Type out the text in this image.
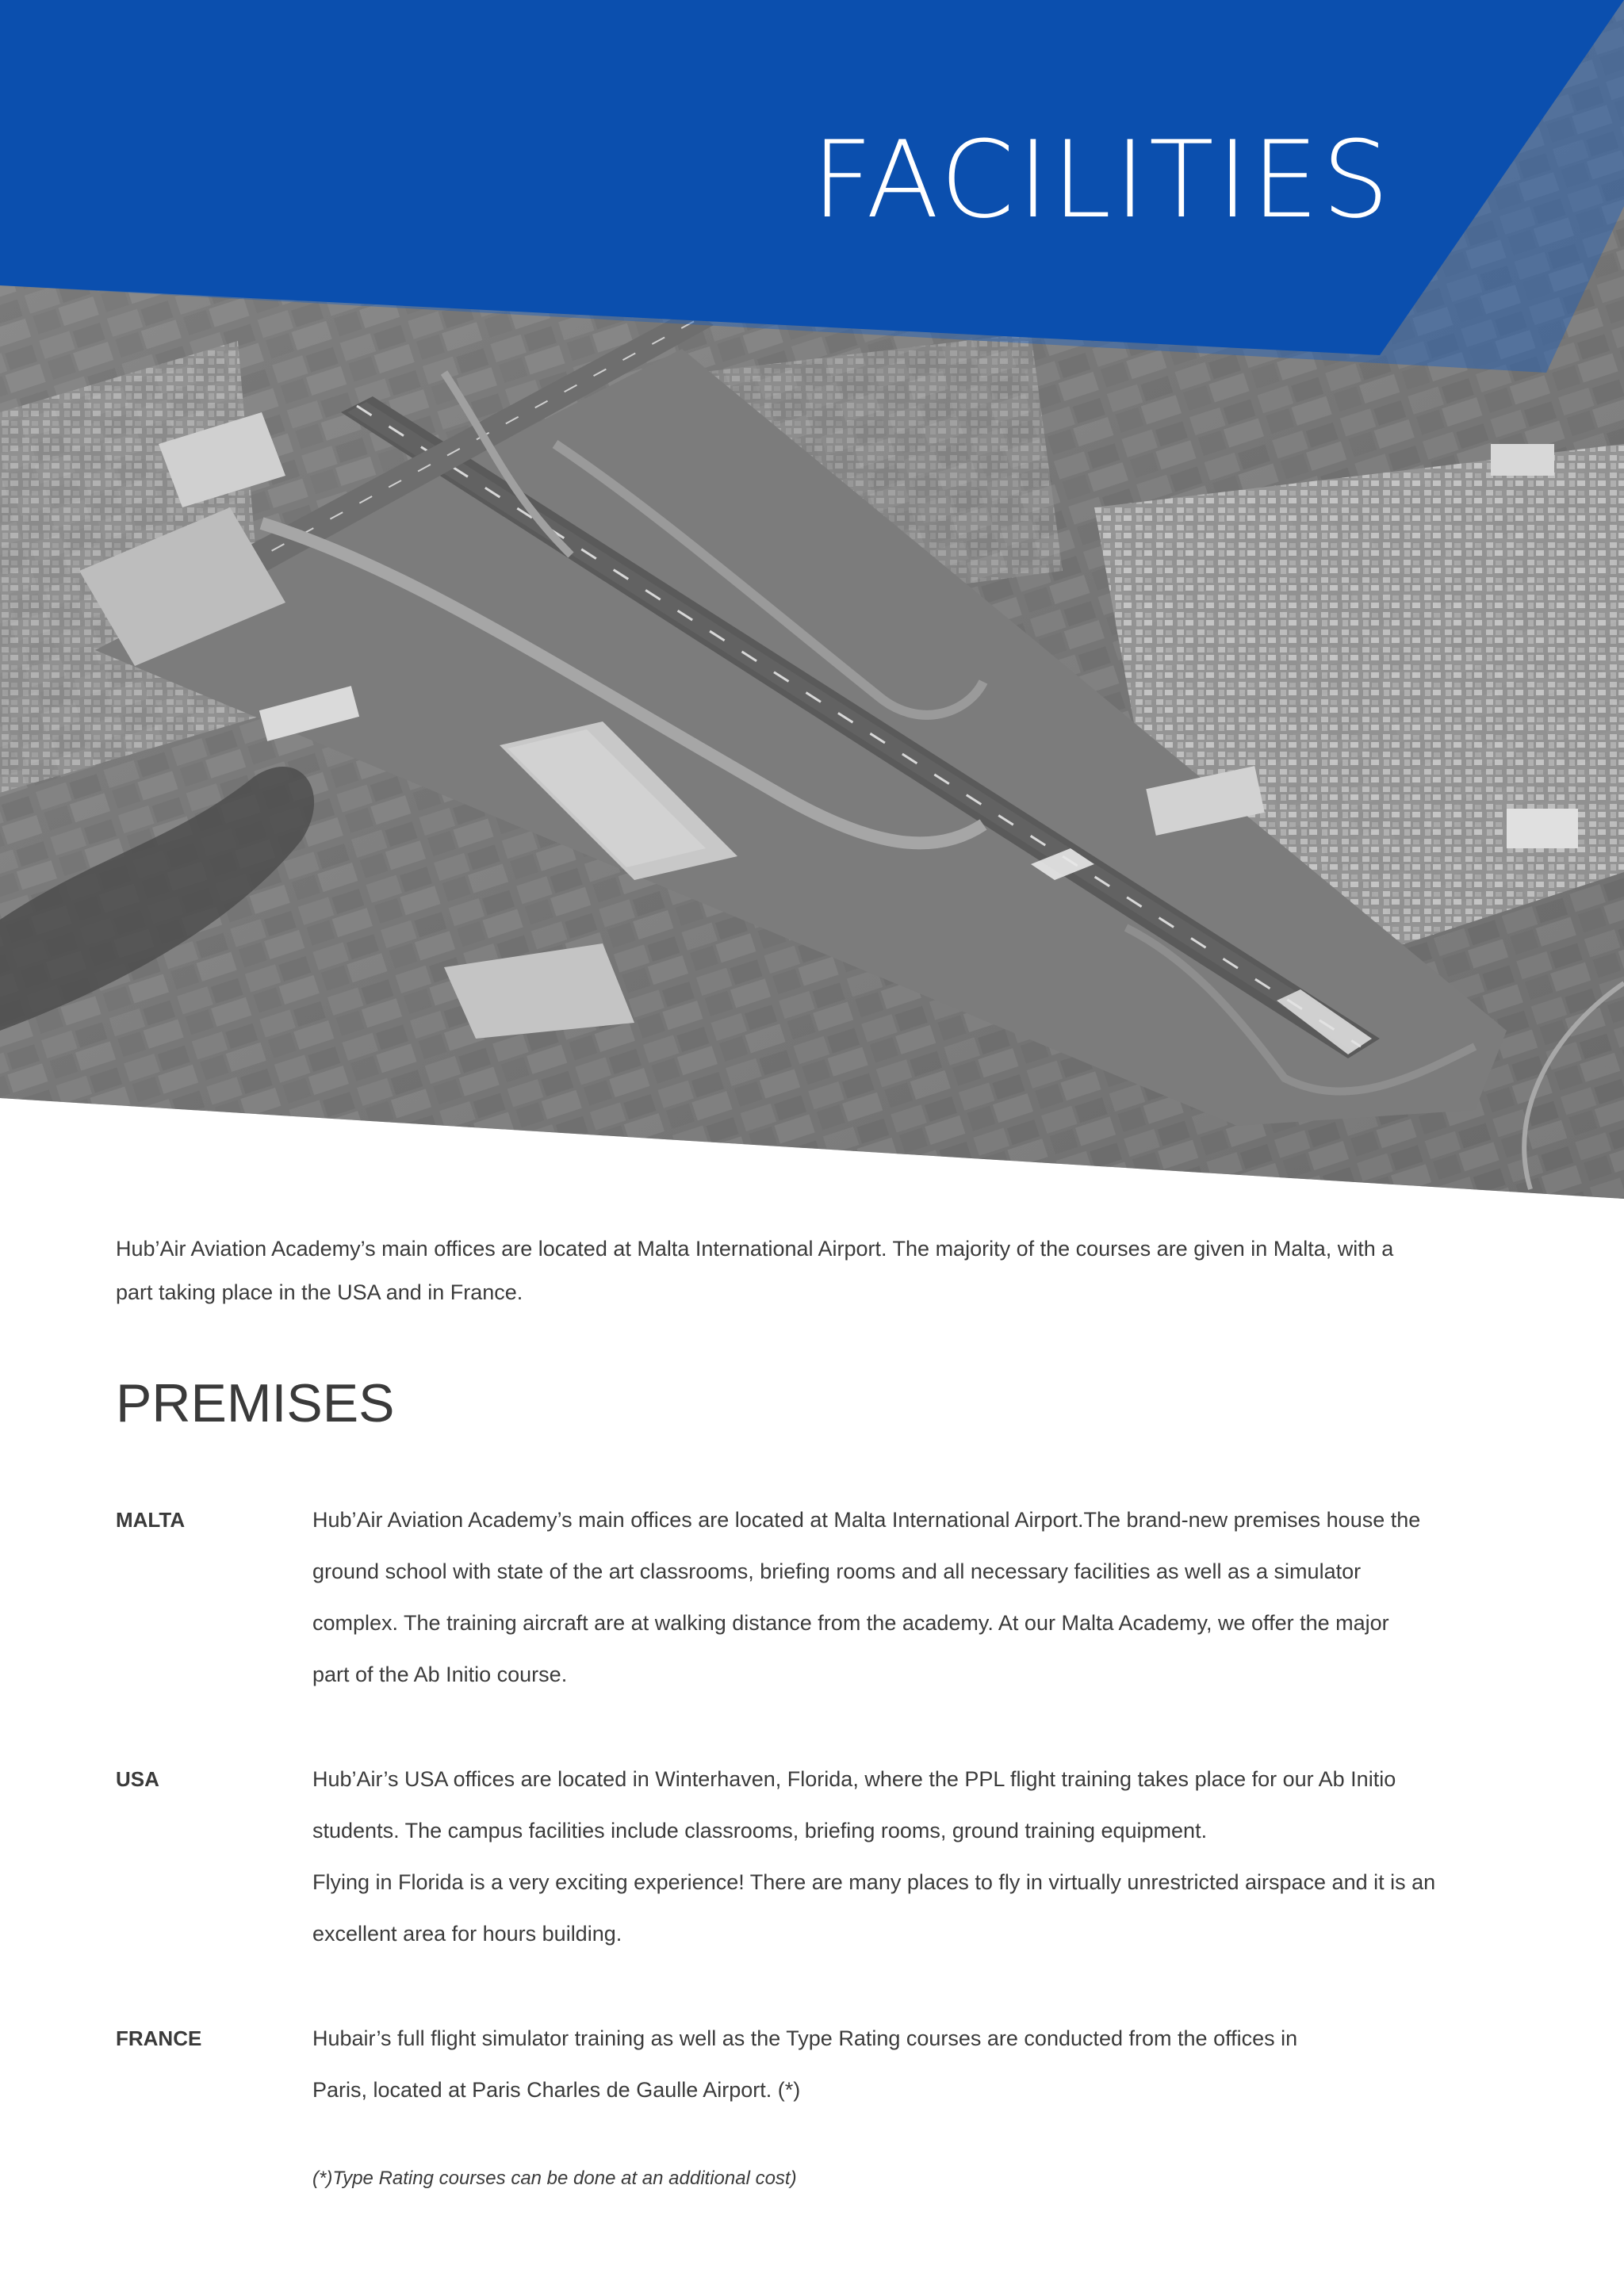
FACILITIES

Hub’Air Aviation Academy’s main offices are located at Malta International Airport. The majority of the courses are given in Malta, with a
part taking place in the USA and in France.

PREMISES

MALTA	Hub’Air Aviation Academy’s main offices are located at Malta International Airport.The brand-new premises house the
ground school with state of the art classrooms, briefing rooms and all necessary facilities as well as a simulator
complex. The training aircraft are at walking distance from the academy. At our Malta Academy, we offer the major
part of the Ab Initio course.

USA	Hub’Air’s USA offices are located in Winterhaven, Florida, where the PPL flight training takes place for our Ab Initio
students. The campus facilities include classrooms, briefing rooms, ground training equipment.
Flying in Florida is a very exciting experience! There are many places to fly in virtually unrestricted airspace and it is an
excellent area for hours building.

FRANCE	Hubair’s full flight simulator training as well as the Type Rating courses are conducted from the offices in
Paris, located at Paris Charles de Gaulle Airport. (*)

(*)Type Rating courses can be done at an additional cost)
